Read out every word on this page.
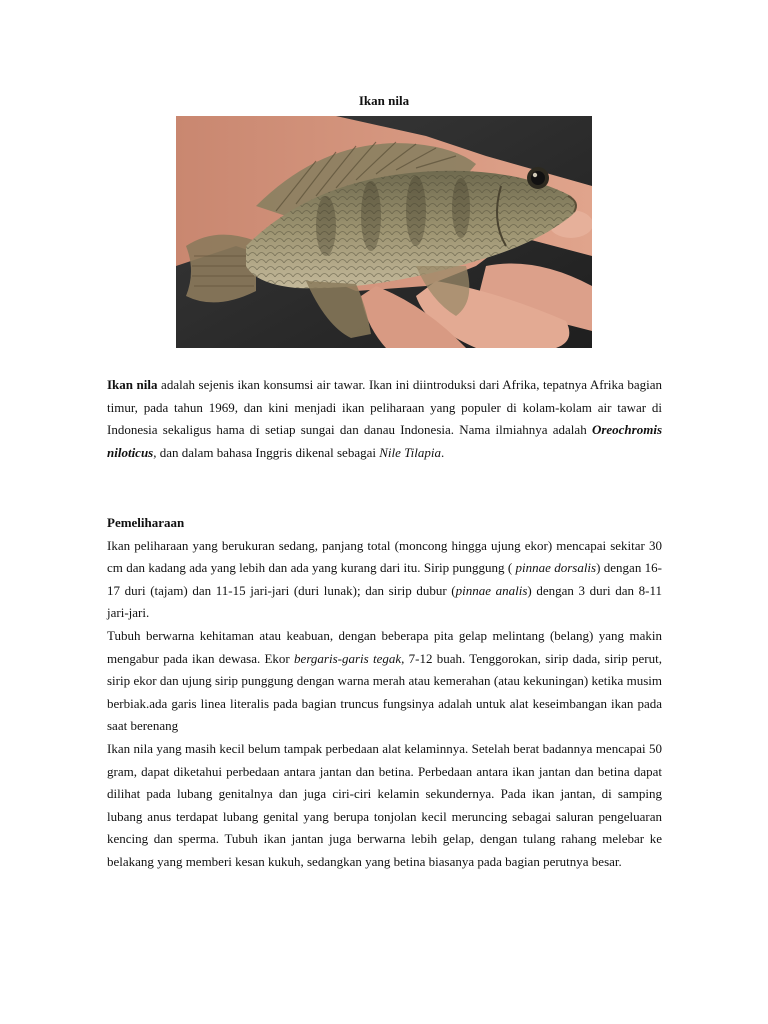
Ikan nila

Ikan nila adalah sejenis ikan konsumsi air tawar. Ikan ini diintroduksi dari Afrika, tepatnya Afrika bagian timur, pada tahun 1969, dan kini menjadi ikan peliharaan yang populer di kolam-kolam air tawar di Indonesia sekaligus hama di setiap sungai dan danau Indonesia. Nama ilmiahnya adalah Oreochromis niloticus, dan dalam bahasa Inggris dikenal sebagai Nile Tilapia.

Pemeliharaan

Ikan peliharaan yang berukuran sedang, panjang total (moncong hingga ujung ekor) mencapai sekitar 30 cm dan kadang ada yang lebih dan ada yang kurang dari itu. Sirip punggung ( pinnae dorsalis) dengan 16-17 duri (tajam) dan 11-15 jari-jari (duri lunak); dan sirip dubur (pinnae analis) dengan 3 duri dan 8-11 jari-jari.

Tubuh berwarna kehitaman atau keabuan, dengan beberapa pita gelap melintang (belang) yang makin mengabur pada ikan dewasa. Ekor bergaris-garis tegak, 7-12 buah. Tenggorokan, sirip dada, sirip perut, sirip ekor dan ujung sirip punggung dengan warna merah atau kemerahan (atau kekuningan) ketika musim berbiak.ada garis linea literalis pada bagian truncus fungsinya adalah untuk alat keseimbangan ikan pada saat berenang

Ikan nila yang masih kecil belum tampak perbedaan alat kelaminnya. Setelah berat badannya mencapai 50 gram, dapat diketahui perbedaan antara jantan dan betina. Perbedaan antara ikan jantan dan betina dapat dilihat pada lubang genitalnya dan juga ciri-ciri kelamin sekundernya. Pada ikan jantan, di samping lubang anus terdapat lubang genital yang berupa tonjolan kecil meruncing sebagai saluran pengeluaran kencing dan sperma. Tubuh ikan jantan juga berwarna lebih gelap, dengan tulang rahang melebar ke belakang yang memberi kesan kukuh, sedangkan yang betina biasanya pada bagian perutnya besar.
